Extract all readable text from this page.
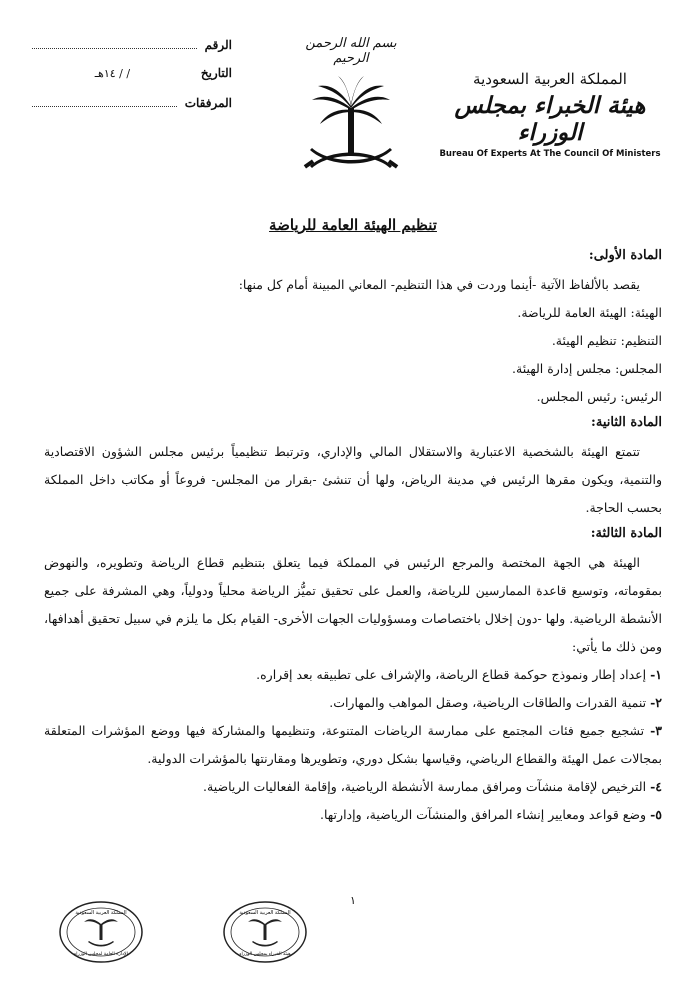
الرقم
التاريخ
/ / ١٤هـ
المرفقات
بسم الله الرحمن الرحيم
المملكة العربية السعودية
هيئة الخبراء بمجلس الوزراء
Bureau Of Experts At The Council Of Ministers
تنظيم الهيئة العامة للرياضة
المادة الأولى:

يقصد بالألفاظ الآتية -أينما وردت في هذا التنظيم- المعاني المبينة أمام كل منها:

الهيئة: الهيئة العامة للرياضة.

التنظيم: تنظيم الهيئة.

المجلس: مجلس إدارة الهيئة.

الرئيس: رئيس المجلس.

المادة الثانية:

تتمتع الهيئة بالشخصية الاعتبارية والاستقلال المالي والإداري، وترتبط تنظيمياً برئيس مجلس الشؤون الاقتصادية والتنمية، ويكون مقرها الرئيس في مدينة الرياض، ولها أن تنشئ -بقرار من المجلس- فروعاً أو مكاتب داخل المملكة بحسب الحاجة.

المادة الثالثة:

الهيئة هي الجهة المختصة والمرجع الرئيس في المملكة فيما يتعلق بتنظيم قطاع الرياضة وتطويره، والنهوض بمقوماته، وتوسيع قاعدة الممارسين للرياضة، والعمل على تحقيق تميُّز الرياضة محلياً ودولياً، وهي المشرفة على جميع الأنشطة الرياضية. ولها -دون إخلال باختصاصات ومسؤوليات الجهات الأخرى- القيام بكل ما يلزم في سبيل تحقيق أهدافها، ومن ذلك ما يأتي:

١- إعداد إطار ونموذج حوكمة قطاع الرياضة، والإشراف على تطبيقه بعد إقراره.

٢- تنمية القدرات والطاقات الرياضية، وصقل المواهب والمهارات.

٣- تشجيع جميع فئات المجتمع على ممارسة الرياضات المتنوعة، وتنظيمها والمشاركة فيها ووضع المؤشرات المتعلقة بمجالات عمل الهيئة والقطاع الرياضي، وقياسها بشكل دوري، وتطويرها ومقارنتها بالمؤشرات الدولية.

٤- الترخيص لإقامة منشآت ومرافق ممارسة الأنشطة الرياضية، وإقامة الفعاليات الرياضية.

٥- وضع قواعد ومعايير إنشاء المرافق والمنشآت الرياضية، وإدارتها.

١
المملكة العربية السعودية
الإدارة العامة لمجلس الوزراء
المملكة العربية السعودية
هيئة الخبراء بمجلس الوزراء
